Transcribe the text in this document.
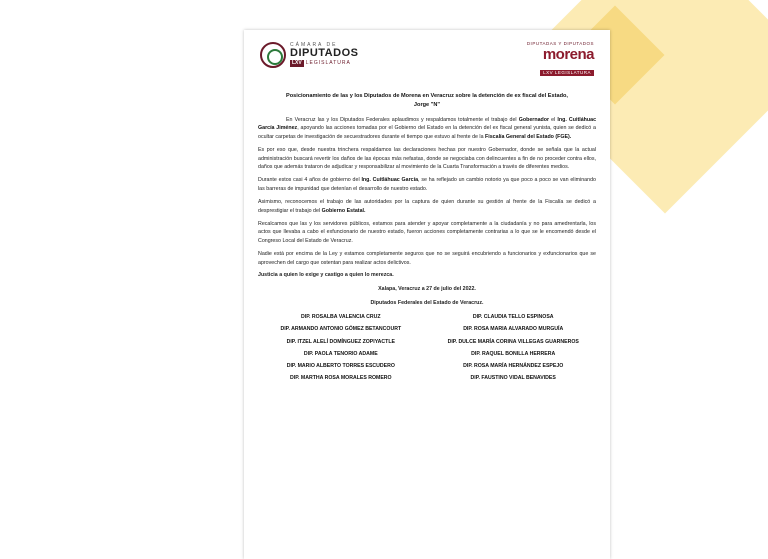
CÁMARA DE
DIPUTADOS
LXV LEGISLATURA
DIPUTADAS Y DIPUTADOS
morena
LXV LEGISLATURA
Posicionamiento de las y los Diputados de Morena en Veracruz sobre la detención de ex fiscal del Estado, Jorge "N"

En Veracruz las y los Diputados Federales aplaudimos y respaldamos totalmente el trabajo del Gobernador el Ing. Cuitláhuac García Jiménez, apoyando las acciones tomadas por el Gobierno del Estado en la detención del ex fiscal general yunista, quien se dedicó a ocultar carpetas de investigación de secuestradores durante el tiempo que estuvo al frente de la Fiscalía General del Estado (FGE).

Es por eso que, desde nuestra trinchera respaldamos las declaraciones hechas por nuestro Gobernador, donde se señala que la actual administración buscará revertir los daños de las épocas más nefastas, donde se negociaba con delincuentes a fin de no proceder contra ellos, daños que además trataron de adjudicar y responsabilizar al movimiento de la Cuarta Transformación a través de diferentes medios.

Durante estos casi 4 años de gobierno del Ing. Cuitláhuac García, se ha reflejado un cambio notorio ya que poco a poco se van eliminando las barreras de impunidad que detenían el desarrollo de nuestro estado.

Asimismo, reconocemos el trabajo de las autoridades por la captura de quien durante su gestión al frente de la Fiscalía se dedicó a desprestigiar el trabajo del Gobierno Estatal.

Recalcamos que las y los servidores públicos, estamos para atender y apoyar completamente a la ciudadanía y no para amedrentarla, los actos que llevaba a cabo el exfuncionario de nuestro estado, fueron acciones completamente contrarias a lo que se le encomendó desde el Congreso Local del Estado de Veracruz.

Nadie está por encima de la Ley y estamos completamente seguros que no se seguirá encubriendo a funcionarios y exfuncionarios que se aprovechen del cargo que ostentan para realizar actos delictivos.

Justicia a quien lo exige y castigo a quien lo merezca.

Xalapa, Veracruz a 27 de julio del 2022.

Diputados Federales del Estado de Veracruz.

DIP. ROSALBA VALENCIA CRUZ
DIP. ARMANDO ANTONIO GÓMEZ BETANCOURT
DIP. ITZEL ALELÍ DOMÍNGUEZ ZOPIYACTLE
DIP. PAOLA TENORIO ADAME
DIP. MARIO ALBERTO TORRES ESCUDERO
DIP. MARTHA ROSA MORALES ROMERO
DIP. CLAUDIA TELLO ESPINOSA
DIP. ROSA MARIA ALVARADO MURGUÍA
DIP. DULCE MARÍA CORINA VILLEGAS GUARNEROS
DIP. RAQUEL BONILLA HERRERA
DIP. ROSA MARÍA HERNÁNDEZ ESPEJO
DIP. FAUSTINO VIDAL BENAVIDES
